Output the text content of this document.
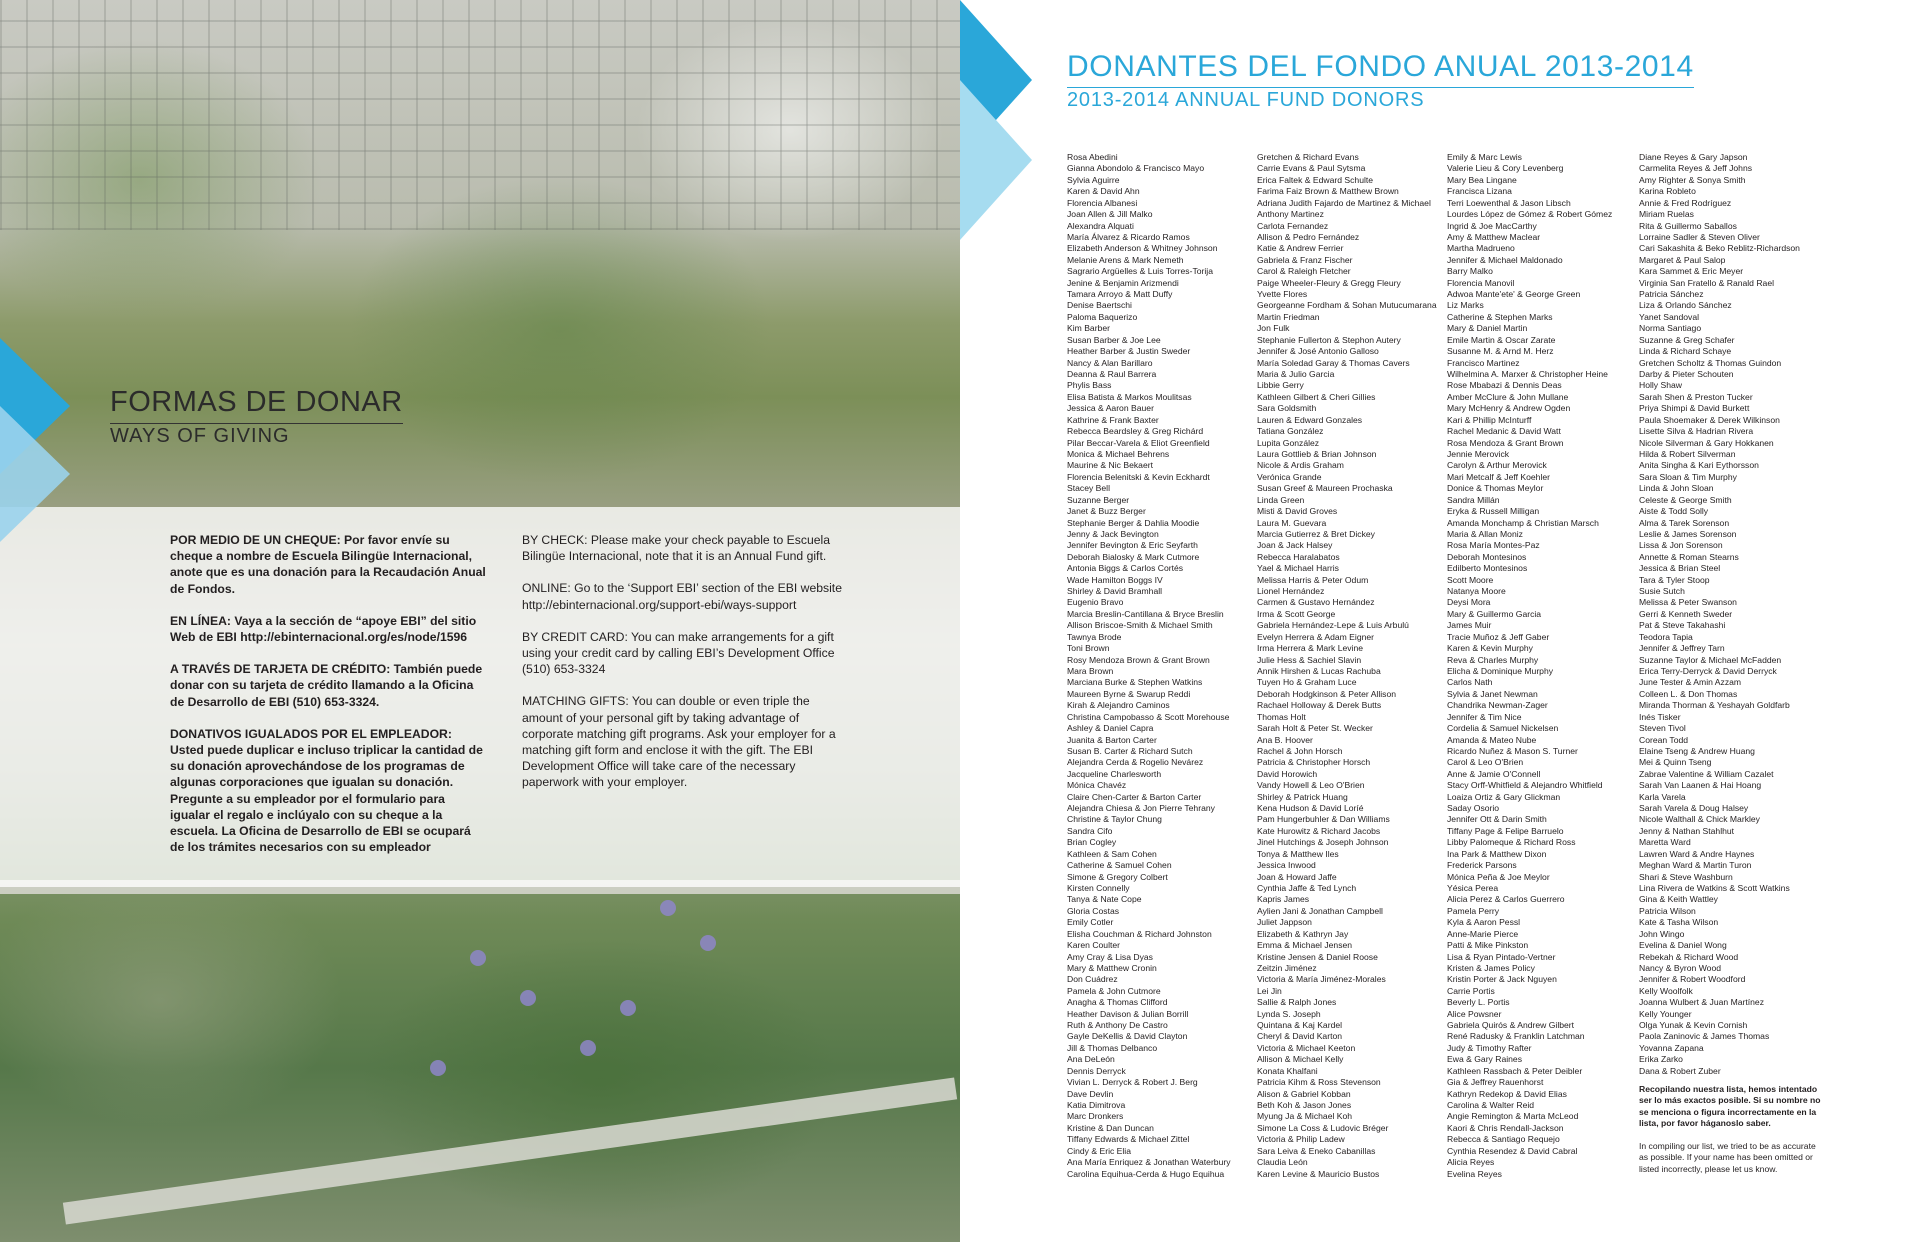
FORMAS DE DONAR
WAYS OF GIVING

POR MEDIO DE UN CHEQUE: Por favor envíe su cheque a nombre de Escuela Bilingüe Internacional, anote que es una donación para la Recaudación Anual de Fondos.

EN LÍNEA: Vaya a la sección de “apoye EBI” del sitio Web de EBI http://ebinternacional.org/es/node/1596

A TRAVÉS DE TARJETA DE CRÉDITO: También puede donar con su tarjeta de crédito llamando a la Oficina de Desarrollo de EBI (510) 653-3324.

DONATIVOS IGUALADOS POR EL EMPLEADOR: Usted puede duplicar e incluso triplicar la cantidad de su donación aprovechándose de los programas de algunas corporaciones que igualan su donación. Pregunte a su empleador por el formulario para igualar el regalo e inclúyalo con su cheque a la escuela. La Oficina de Desarrollo de EBI se ocupará de los trámites necesarios con su empleador

BY CHECK: Please make your check payable to Escuela Bilingüe Internacional, note that it is an Annual Fund gift.

ONLINE: Go to the ‘Support EBI’ section of the EBI website http://ebinternacional.org/support-ebi/ways-support

BY CREDIT CARD: You can make arrangements for a gift using your credit card by calling EBI’s Development Office (510) 653-3324

MATCHING GIFTS: You can double or even triple the amount of your personal gift by taking advantage of corporate matching gift programs. Ask your employer for a matching gift form and enclose it with the gift. The EBI Development Office will take care of the necessary paperwork with your employer.

DONANTES DEL FONDO ANUAL 2013-2014
2013-2014 ANNUAL FUND DONORS
Rosa Abedini
Gianna Abondolo & Francisco Mayo
Sylvia Aguirre
Karen & David Ahn
Florencia Albanesi
Joan Allen & Jill Malko
Alexandra Alquati
María Álvarez & Ricardo Ramos
Elizabeth Anderson & Whitney Johnson
Melanie Arens & Mark Nemeth
Sagrario Argüelles & Luis Torres-Torija
Jenine & Benjamin Arizmendi
Tamara Arroyo & Matt Duffy
Denise Baertschi
Paloma Baquerizo
Kim Barber
Susan Barber & Joe Lee
Heather Barber & Justin Sweder
Nancy & Alan Barillaro
Deanna & Raul Barrera
Phylis Bass
Elisa Batista & Markos Moulitsas
Jessica & Aaron Bauer
Kathrine & Frank Baxter
Rebecca Beardsley & Greg Richárd
Pilar Beccar-Varela & Eliot Greenfield
Monica & Michael Behrens
Maurine & Nic Bekaert
Florencia Belenitski & Kevin Eckhardt
Stacey Bell
Suzanne Berger
Janet & Buzz Berger
Stephanie Berger & Dahlia Moodie
Jenny & Jack Bevington
Jennifer Bevington & Eric Seyfarth
Deborah Bialosky & Mark Cutmore
Antonia Biggs & Carlos Cortés
Wade Hamilton Boggs IV
Shirley & David Bramhall
Eugenio Bravo
Marcia Breslin-Cantillana & Bryce Breslin
Allison Briscoe-Smith & Michael Smith
Tawnya Brode
Toni Brown
Rosy Mendoza Brown & Grant Brown
Mara Brown
Marciana Burke & Stephen Watkins
Maureen Byrne & Swarup Reddi
Kirah & Alejandro Caminos
Christina Campobasso & Scott Morehouse
Ashley & Daniel Capra
Juanita & Barton Carter
Susan B. Carter & Richard Sutch
Alejandra Cerda & Rogelio Nevárez
Jacqueline Charlesworth
Mónica Chavéz
Claire Chen-Carter & Barton Carter
Alejandra Chiesa & Jon Pierre Tehrany
Christine & Taylor Chung
Sandra Cifo
Brian Cogley
Kathleen & Sam Cohen
Catherine & Samuel Cohen
Simone & Gregory Colbert
Kirsten Connelly
Tanya & Nate Cope
Gloria Costas
Emily Cotler
Elisha Couchman & Richard Johnston
Karen Coulter
Amy Cray & Lisa Dyas
Mary & Matthew Cronin
Don Cuádrez
Pamela & John Cutmore
Anagha & Thomas Clifford
Heather Davison & Julian Borrill
Ruth & Anthony De Castro
Gayle DeKellis & David Clayton
Jill & Thomas Delbanco
Ana DeLeón
Dennis Derryck
Vivian L. Derryck & Robert J. Berg
Dave Devlin
Katia Dimitrova
Marc Dronkers
Kristine & Dan Duncan
Tiffany Edwards & Michael Zittel
Cindy & Eric Elia
Ana María Enriquez & Jonathan Waterbury
Carolina Equihua-Cerda & Hugo Equihua
Gretchen & Richard Evans
Carrie Evans & Paul Sytsma
Erica Faltek & Edward Schulte
Farima Faiz Brown & Matthew Brown
Adriana Judith Fajardo de Martinez & Michael
Anthony Martinez
Carlota Fernandez
Allison & Pedro Fernández
Katie & Andrew Ferrier
Gabriela & Franz Fischer
Carol & Raleigh Fletcher
Paige Wheeler-Fleury & Gregg Fleury
Yvette Flores
Georgeanne Fordham & Sohan Mutucumarana
Martin Friedman
Jon Fulk
Stephanie Fullerton & Stephon Autery
Jennifer & José Antonio Galloso
María Soledad Garay & Thomas Cavers
Maria & Julio Garcia
Libbie Gerry
Kathleen Gilbert & Cheri Gillies
Sara Goldsmith
Lauren & Edward Gonzales
Tatiana González
Lupita González
Laura Gottlieb & Brian Johnson
Nicole & Ardis Graham
Verónica Grande
Susan Greef & Maureen Prochaska
Linda Green
Misti & David Groves
Laura M. Guevara
Marcia Gutierrez & Bret Dickey
Joan & Jack Halsey
Rebecca Haralabatos
Yael & Michael Harris
Melissa Harris & Peter Odum
Lionel Hernández
Carmen & Gustavo Hernández
Irma & Scott George
Gabriela Hernández-Lepe & Luis Arbulú
Evelyn Herrera & Adam Eigner
Irma Herrera & Mark Levine
Julie Hess & Sachiel Slavin
Annik Hirshen & Lucas Rachuba
Tuyen Ho & Graham Luce
Deborah Hodgkinson & Peter Allison
Rachael Holloway & Derek Butts
Thomas Holt
Sarah Holt & Peter St. Wecker
Ana B. Hoover
Rachel & John Horsch
Patricia & Christopher Horsch
David Horowich
Vandy Howell & Leo O'Brien
Shirley & Patrick Huang
Kena Hudson & David Loríé
Pam Hungerbuhler & Dan Williams
Kate Hurowitz & Richard Jacobs
Jinel Hutchings & Joseph Johnson
Tonya & Matthew Iles
Jessica Inwood
Joan & Howard Jaffe
Cynthia Jaffe & Ted Lynch
Kapris James
Aylien Jani & Jonathan Campbell
Juliet Jappson
Elizabeth & Kathryn Jay
Emma & Michael Jensen
Kristine Jensen & Daniel Roose
Zeitzin Jiménez
Victoria & María Jiménez-Morales
Lei Jin
Sallie & Ralph Jones
Lynda S. Joseph
Quintana & Kaj Kardel
Cheryl & David Karton
Victoria & Michael Keeton
Allison & Michael Kelly
Konata Khalfani
Patricia Kihm & Ross Stevenson
Alison & Gabriel Kobban
Beth Koh & Jason Jones
Myung Ja & Michael Koh
Simone La Coss & Ludovic Bréger
Victoria & Philip Ladew
Sara Leiva & Eneko Cabanillas
Claudia León
Karen Levine & Mauricio Bustos
Emily & Marc Lewis
Valerie Lieu & Cory Levenberg
Mary Bea Lingane
Francisca Lizana
Terri Loewenthal & Jason Libsch
Lourdes López de Gómez & Robert Gómez
Ingrid & Joe MacCarthy
Amy & Matthew Maclear
Martha Madrueno
Jennifer & Michael Maldonado
Barry Malko
Florencia Manovil
Adwoa Mante'ete' & George Green
Liz Marks
Catherine & Stephen Marks
Mary & Daniel Martin
Emile Martin & Oscar Zarate
Susanne M. & Arnd M. Herz
Francisco Martinez
Wilhelmina A. Marxer & Christopher Heine
Rose Mbabazi & Dennis Deas
Amber McClure & John Mullane
Mary McHenry & Andrew Ogden
Kari & Phillip McInturff
Rachel Medanic & David Watt
Rosa Mendoza & Grant Brown
Jennie Merovick
Carolyn & Arthur Merovick
Mari Metcalf & Jeff Koehler
Donice & Thomas Meylor
Sandra Millán
Eryka & Russell Milligan
Amanda Monchamp & Christian Marsch
Maria & Allan Moniz
Rosa María Montes-Paz
Deborah Montesinos
Edilberto Montesinos
Scott Moore
Natanya Moore
Deysi Mora
Mary & Guillermo Garcia
James Muir
Tracie Muñoz & Jeff Gaber
Karen & Kevin Murphy
Reva & Charles Murphy
Elicha & Dominique Murphy
Carlos Nath
Sylvia & Janet Newman
Chandrika Newman-Zager
Jennifer & Tim Nice
Cordelia & Samuel Nickelsen
Amanda & Mateo Nube
Ricardo Nuñez & Mason S. Turner
Carol & Leo O'Brien
Anne & Jamie O'Connell
Stacy Orff-Whitfield & Alejandro Whitfield
Loaiza Ortiz & Gary Glickman
Saday Osorio
Jennifer Ott & Darin Smith
Tiffany Page & Felipe Barruelo
Libby Palomeque & Richard Ross
Ina Park & Matthew Dixon
Frederick Parsons
Mónica Peña & Joe Meylor
Yésica Perea
Alicia Perez & Carlos Guerrero
Pamela Perry
Kyla & Aaron Pessl
Anne-Marie Pierce
Patti & Mike Pinkston
Lisa & Ryan Pintado-Vertner
Kristen & James Policy
Kristin Porter & Jack Nguyen
Carrie Portis
Beverly L. Portis
Alice Powsner
Gabriela Quirós & Andrew Gilbert
René Radusky & Franklin Latchman
Judy & Timothy Rafter
Ewa & Gary Raines
Kathleen Rassbach & Peter Deibler
Gia & Jeffrey Rauenhorst
Kathryn Redekop & David Elias
Carolina & Walter Reid
Angie Remington & Marta McLeod
Kaori & Chris Rendall-Jackson
Rebecca & Santiago Requejo
Cynthia Resendez & David Cabral
Alicia Reyes
Evelina Reyes
Diane Reyes & Gary Japson
Carmelita Reyes & Jeff Johns
Amy Righter & Sonya Smith
Karina Robleto
Annie & Fred Rodríguez
Miriam Ruelas
Rita & Guillermo Saballos
Lorraine Sadler & Steven Oliver
Cari Sakashita & Beko Reblitz-Richardson
Margaret & Paul Salop
Kara Sammet & Eric Meyer
Virginia San Fratello & Ranald Rael
Patricia Sánchez
Liza & Orlando Sánchez
Yanet Sandoval
Norma Santiago
Suzanne & Greg Schafer
Linda & Richard Schaye
Gretchen Scholtz & Thomas Guindon
Darby & Pieter Schouten
Holly Shaw
Sarah Shen & Preston Tucker
Priya Shimpi & David Burkett
Paula Shoemaker & Derek Wilkinson
Lisette Silva & Hadrian Rivera
Nicole Silverman & Gary Hokkanen
Hilda & Robert Silverman
Anita Singha & Kari Eythorsson
Sara Sloan & Tim Murphy
Linda & John Sloan
Celeste & George Smith
Aiste & Todd Solly
Alma & Tarek Sorenson
Leslie & James Sorenson
Lissa & Jon Sorenson
Annette & Roman Stearns
Jessica & Brian Steel
Tara & Tyler Stoop
Susie Sutch
Melissa & Peter Swanson
Gerri & Kenneth Sweder
Pat & Steve Takahashi
Teodora Tapia
Jennifer & Jeffrey Tarn
Suzanne Taylor & Michael McFadden
Erica Terry-Derryck & David Derryck
June Tester & Amin Azzam
Colleen L. & Don Thomas
Miranda Thorman & Yeshayah Goldfarb
Inés Tisker
Steven Tivol
Corean Todd
Elaine Tseng & Andrew Huang
Mei & Quinn Tseng
Zabrae Valentine & William Cazalet
Sarah Van Laanen & Hai Hoang
Karla Varela
Sarah Varela & Doug Halsey
Nicole Walthall & Chick Markley
Jenny & Nathan Stahlhut
Maretta Ward
Lawren Ward & Andre Haynes
Meghan Ward & Martin Turon
Shari & Steve Washburn
Lina Rivera de Watkins & Scott Watkins
Gina & Keith Wattley
Patricia Wilson
Kate & Tasha Wilson
John Wingo
Evelina & Daniel Wong
Rebekah & Richard Wood
Nancy & Byron Wood
Jennifer & Robert Woodford
Kelly Woolfolk
Joanna Wulbert & Juan Martínez
Kelly Younger
Olga Yunak & Kevin Cornish
Paola Zaninovic & James Thomas
Yovanna Zapana
Erika Zarko
Dana & Robert Zuber
Recopilando nuestra lista, hemos intentado ser lo más exactos posible. Si su nombre no se menciona o figura incorrectamente en la lista, por favor háganoslo saber.
In compiling our list, we tried to be as accurate as possible. If your name has been omitted or listed incorrectly, please let us know.
